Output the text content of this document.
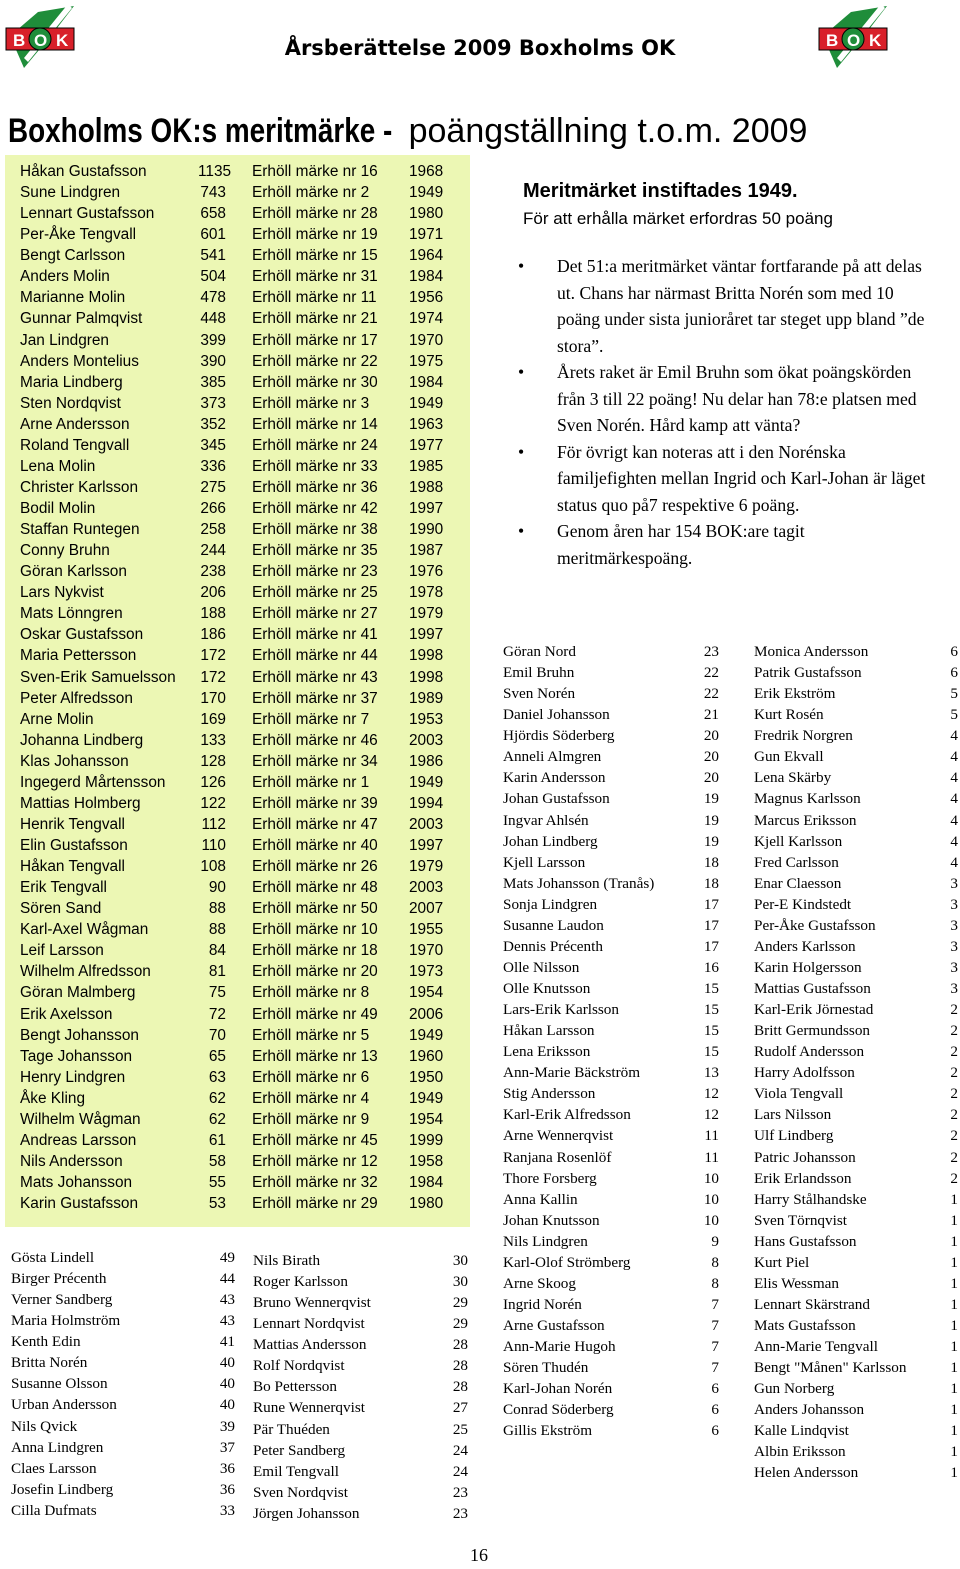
B O K	B O K
Årsberättelse 2009 Boxholms OK
Boxholms OK:s meritmärke -poängställning t.o.m. 2009
Håkan Gustafsson	1135 Erhöll märke nr 16 1968
Sune Lindgren	743 Erhöll märke nr 2	1949
Lennart Gustafsson	658 Erhöll märke nr 28 1980
Per-Åke Tengvall	601 Erhöll märke nr 19 1971
Bengt Carlsson	541 Erhöll märke nr 15 1964
Anders Molin	504 Erhöll märke nr 31 1984
Marianne Molin	478 Erhöll märke nr 11 1956
Gunnar Palmqvist	448 Erhöll märke nr 21 1974
Jan Lindgren	399 Erhöll märke nr 17 1970
Anders Montelius	390 Erhöll märke nr 22 1975
Maria Lindberg	385 Erhöll märke nr 30 1984
Sten Nordqvist	373 Erhöll märke nr 3	1949
Arne Andersson	352 Erhöll märke nr 14 1963
Roland Tengvall	345 Erhöll märke nr 24 1977
Lena Molin	336 Erhöll märke nr 33 1985
Christer Karlsson	275 Erhöll märke nr 36 1988
Bodil Molin	266 Erhöll märke nr 42 1997
Staffan Runtegen	258 Erhöll märke nr 38 1990
Conny Bruhn	244 Erhöll märke nr 35 1987
Göran Karlsson	238 Erhöll märke nr 23 1976
Lars Nykvist	206 Erhöll märke nr 25 1978
Mats Lönngren	188 Erhöll märke nr 27 1979
Oskar Gustafsson	186 Erhöll märke nr 41 1997
Maria Pettersson	172 Erhöll märke nr 44 1998
Sven-Erik Samuelsson 172 Erhöll märke nr 43 1998
Peter Alfredsson	170 Erhöll märke nr 37 1989
Arne Molin	169 Erhöll märke nr 7	1953
Johanna Lindberg	133 Erhöll märke nr 46 2003
Klas Johansson	128 Erhöll märke nr 34 1986
Ingegerd Mårtensson 126 Erhöll märke nr 1	1949
Mattias Holmberg	122 Erhöll märke nr 39 1994
Henrik Tengvall	112 Erhöll märke nr 47 2003
Elin Gustafsson	110 Erhöll märke nr 40 1997
Håkan Tengvall	108 Erhöll märke nr 26 1979
Erik Tengvall	90 Erhöll märke nr 48 2003
Sören Sand	88 Erhöll märke nr 50 2007
Karl-Axel Wågman	88 Erhöll märke nr 10 1955
Leif Larsson	84 Erhöll märke nr 18 1970
Wilhelm Alfredsson	81 Erhöll märke nr 20 1973
Göran Malmberg	75 Erhöll märke nr 8	1954
Erik Axelsson	72 Erhöll märke nr 49 2006
Bengt Johansson	70 Erhöll märke nr 5	1949
Tage Johansson	65 Erhöll märke nr 13 1960
Henry Lindgren	63 Erhöll märke nr 6	1950
Åke Kling	62 Erhöll märke nr 4	1949
Wilhelm Wågman	62 Erhöll märke nr 9	1954
Andreas Larsson	61 Erhöll märke nr 45 1999
Nils Andersson	58 Erhöll märke nr 12 1958
Mats Johansson	55 Erhöll märke nr 32 1984
Karin Gustafsson	53 Erhöll märke nr 29 1980
Meritmärket instiftades 1949.
För att erhålla märket erfordras 50 poäng
• Det 51:a meritmärket väntar fortfarande på att delas ut. Chans har närmast Britta Norén som med 10 poäng under sista junioråret tar steget upp bland ”de stora”.
• Årets raket är Emil Bruhn som ökat poängskörden från 3 till 22 poäng! Nu delar han 78:e platsen med Sven Norén. Hård kamp att vänta?
• För övrigt kan noteras att i den Norénska familjefighten mellan Ingrid och Karl-Johan är läget status quo på7 respektive 6 poäng.
• Genom åren har 154 BOK:are tagit meritmärkespoäng.
Gösta Lindell	49
Birger Précenth	44
Verner Sandberg	43
Maria Holmström	43
Kenth Edin	41
Britta Norén	40
Susanne Olsson	40
Urban Andersson	40
Nils Qvick	39
Anna Lindgren	37
Claes Larsson	36
Josefin Lindberg	36
Cilla Dufmats	33
Nils Birath	30
Roger Karlsson	30
Bruno Wennerqvist	29
Lennart Nordqvist	29
Mattias Andersson	28
Rolf Nordqvist	28
Bo Pettersson	28
Rune Wennerqvist	27
Pär Thuéden	25
Peter Sandberg	24
Emil Tengvall	24
Sven Nordqvist	23
Jörgen Johansson	23
Göran Nord	23
Emil Bruhn	22
Sven Norén	22
Daniel Johansson	21
Hjördis Söderberg	20
Anneli Almgren	20
Karin Andersson	20
Johan Gustafsson	19
Ingvar Ahlsén	19
Johan Lindberg	19
Kjell Larsson	18
Mats Johansson (Tranås)	18
Sonja Lindgren	17
Susanne Laudon	17
Dennis Précenth	17
Olle Nilsson	16
Olle Knutsson	15
Lars-Erik Karlsson	15
Håkan Larsson	15
Lena Eriksson	15
Ann-Marie Bäckström	13
Stig Andersson	12
Karl-Erik Alfredsson	12
Arne Wennerqvist	11
Ranjana Rosenlöf	11
Thore Forsberg	10
Anna Kallin	10
Johan Knutsson	10
Nils Lindgren	9
Karl-Olof Strömberg	8
Arne Skoog	8
Ingrid Norén	7
Arne Gustafsson	7
Ann-Marie Hugoh	7
Sören Thudén	7
Karl-Johan Norén	6
Conrad Söderberg	6
Gillis Ekström	6
Monica Andersson	6
Patrik Gustafsson	6
Erik Ekström	5
Kurt Rosén	5
Fredrik Norgren	4
Gun Ekvall	4
Lena Skärby	4
Magnus Karlsson	4
Marcus Eriksson	4
Kjell Karlsson	4
Fred Carlsson	4
Enar Claesson	3
Per-E Kindstedt	3
Per-Åke Gustafsson	3
Anders Karlsson	3
Karin Holgersson	3
Mattias Gustafsson	3
Karl-Erik Jörnestad	2
Britt Germundsson	2
Rudolf Andersson	2
Harry Adolfsson	2
Viola Tengvall	2
Lars Nilsson	2
Ulf Lindberg	2
Patric Johansson	2
Erik Erlandsson	2
Harry Stålhandske	1
Sven Törnqvist	1
Hans Gustafsson	1
Kurt Piel	1
Elis Wessman	1
Lennart Skärstrand	1
Mats Gustafsson	1
Ann-Marie Tengvall	1
Bengt "Månen" Karlsson	1
Gun Norberg	1
Anders Johansson	1
Kalle Lindqvist	1
Albin Eriksson	1
Helen Andersson	1
16
